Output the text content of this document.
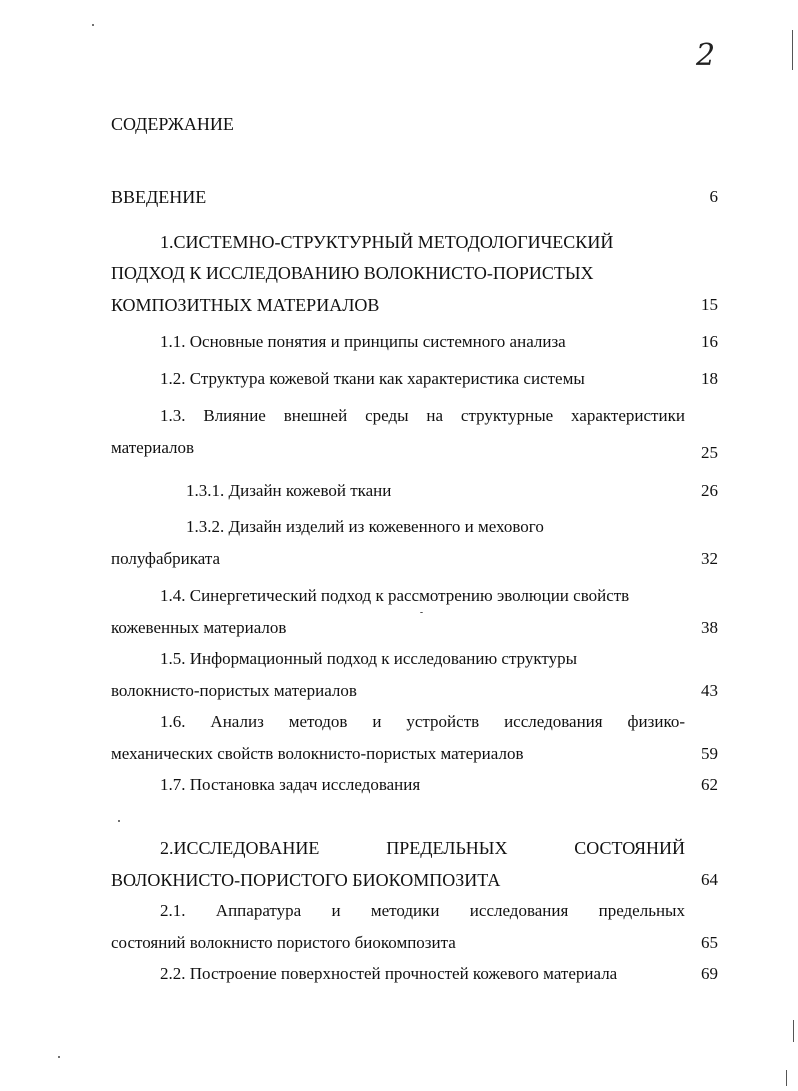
2
СОДЕРЖАНИЕ
ВВЕДЕНИЕ	6
1.СИСТЕМНО-СТРУКТУРНЫЙ МЕТОДОЛОГИЧЕСКИЙ
ПОДХОД К ИССЛЕДОВАНИЮ ВОЛОКНИСТО-ПОРИСТЫХ
КОМПОЗИТНЫХ МАТЕРИАЛОВ	15
1.1. Основные понятия и принципы системного анализа	16
1.2. Структура кожевой ткани как характеристика системы	18
1.3. Влияние внешней среды на структурные характеристики
материалов	25
1.3.1. Дизайн кожевой ткани	26
1.3.2. Дизайн изделий из кожевенного и мехового
полуфабриката	32
1.4. Синергетический подход к рассмотрению эволюции свойств
кожевенных материалов	38
1.5. Информационный подход к исследованию структуры
волокнисто-пористых материалов	43
1.6. Анализ методов и устройств исследования физико-
механических свойств волокнисто-пористых материалов	59
1.7. Постановка задач исследования	62
2.ИССЛЕДОВАНИЕ	ПРЕДЕЛЬНЫХ	СОСТОЯНИЙ
ВОЛОКНИСТО-ПОРИСТОГО БИОКОМПОЗИТА	64
2.1. Аппаратура и методики исследования предельных
состояний волокнисто пористого биокомпозита	65
2.2. Построение поверхностей прочностей кожевого материала	69
